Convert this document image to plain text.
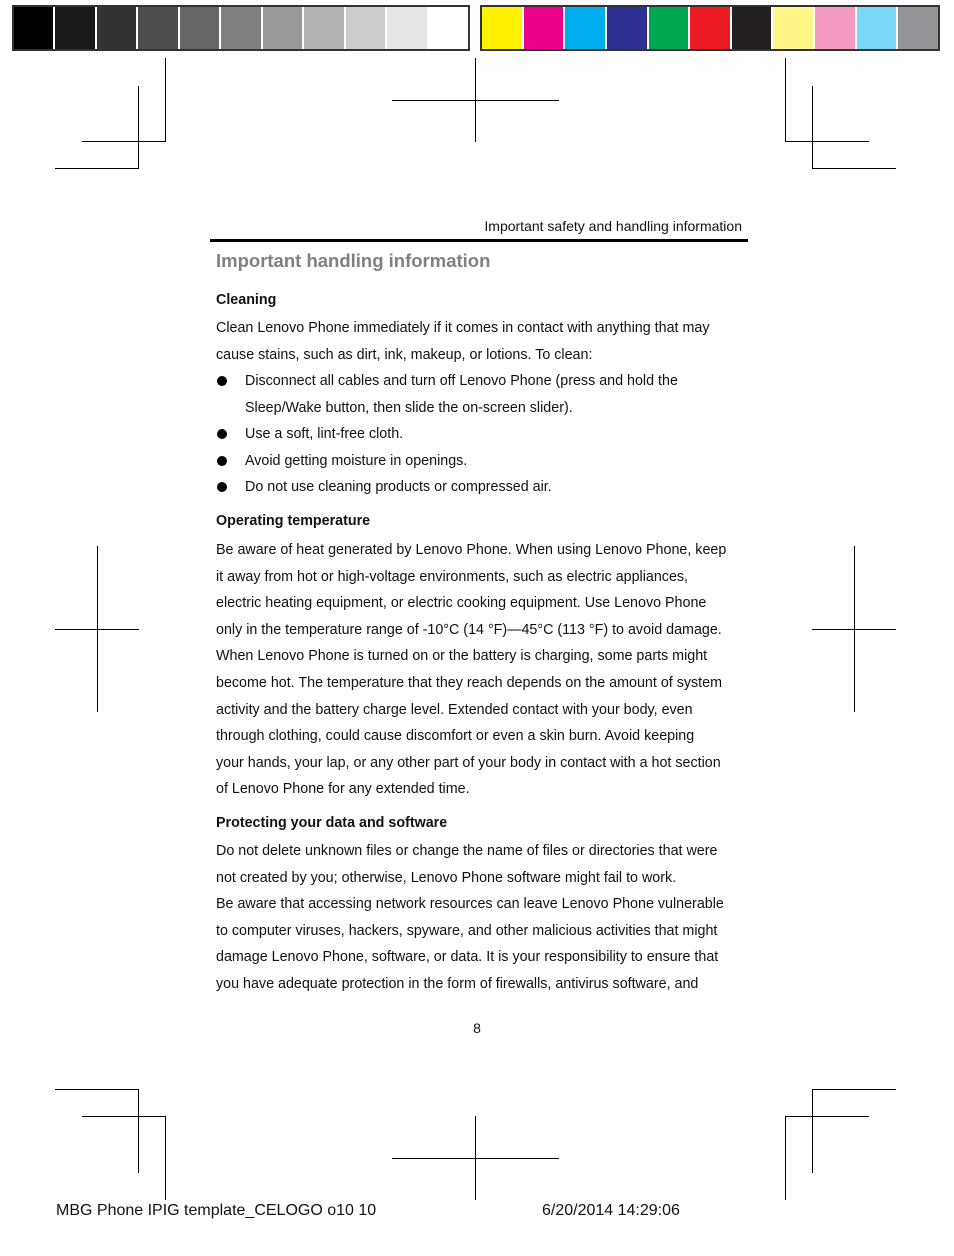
Important safety and handling information
Important handling information
Cleaning
Clean Lenovo Phone immediately if it comes in contact with anything that may
cause stains, such as dirt, ink, makeup, or lotions. To clean:
Disconnect all cables and turn off Lenovo Phone (press and hold the
Sleep/Wake button, then slide the on-screen slider).
Use a soft, lint-free cloth.
Avoid getting moisture in openings.
Do not use cleaning products or compressed air.
Operating temperature
Be aware of heat generated by Lenovo Phone. When using Lenovo Phone, keep
it away from hot or high-voltage environments, such as electric appliances,
electric heating equipment, or electric cooking equipment. Use Lenovo Phone
only in the temperature range of -10°C (14 °F)—45°C (113 °F) to avoid damage.
When Lenovo Phone is turned on or the battery is charging, some parts might
become hot. The temperature that they reach depends on the amount of system
activity and the battery charge level. Extended contact with your body, even
through clothing, could cause discomfort or even a skin burn. Avoid keeping
your hands, your lap, or any other part of your body in contact with a hot section
of Lenovo Phone for any extended time.
Protecting your data and software
Do not delete unknown files or change the name of files or directories that were
not created by you; otherwise, Lenovo Phone software might fail to work.
Be aware that accessing network resources can leave Lenovo Phone vulnerable
to computer viruses, hackers, spyware, and other malicious activities that might
damage Lenovo Phone, software, or data. It is your responsibility to ensure that
you have adequate protection in the form of firewalls, antivirus software, and
8
MBG Phone IPIG template_CELOGO o10 10	6/20/2014 14:29:06
